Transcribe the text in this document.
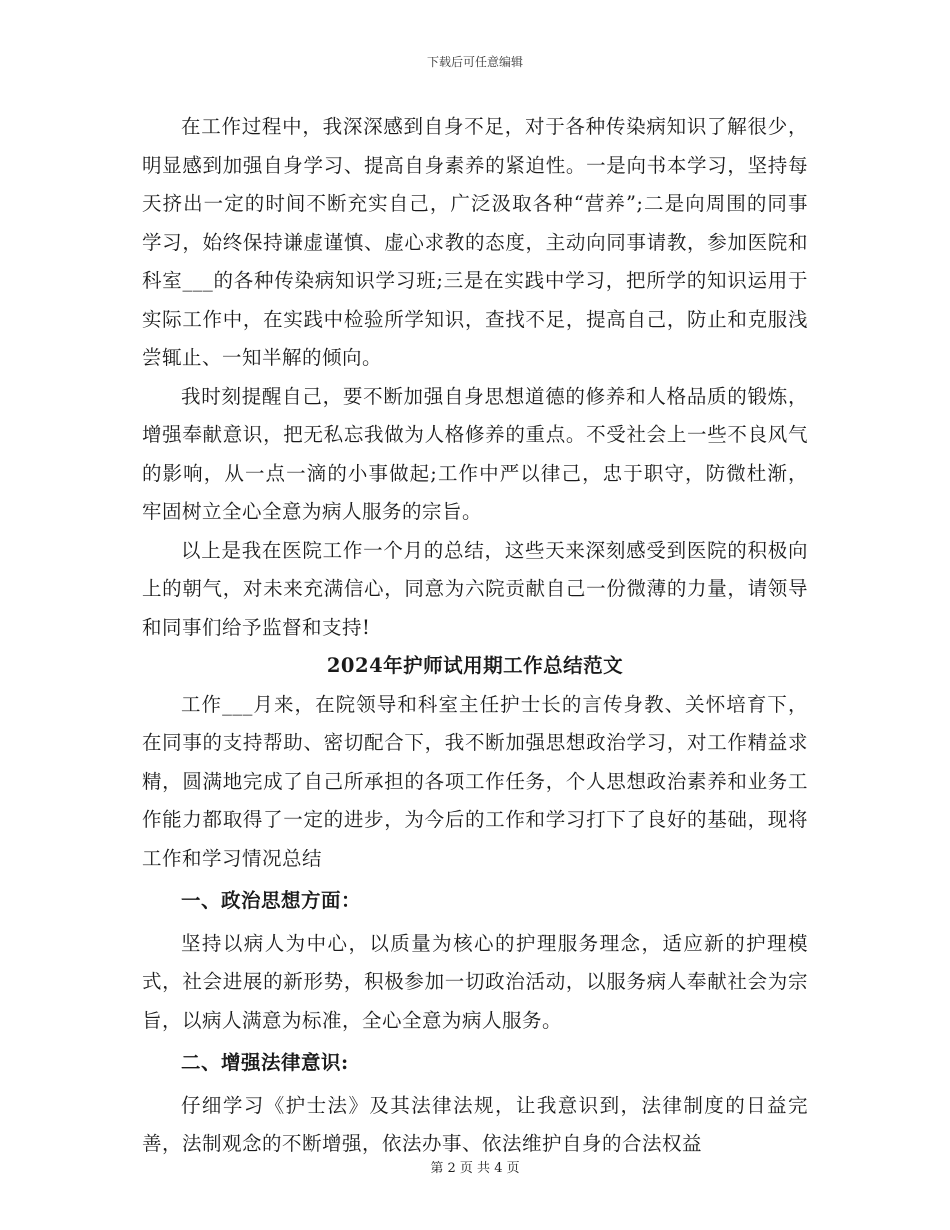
下载后可任意编辑

在工作过程中，我深深感到自身不足，对于各种传染病知识了解很少，明显感到加强自身学习、提高自身素养的紧迫性。一是向书本学习，坚持每天挤出一定的时间不断充实自己，广泛汲取各种“营养”;二是向周围的同事学习，始终保持谦虚谨慎、虚心求教的态度，主动向同事请教，参加医院和科室___的各种传染病知识学习班;三是在实践中学习，把所学的知识运用于实际工作中，在实践中检验所学知识，查找不足，提高自己，防止和克服浅尝辄止、一知半解的倾向。

我时刻提醒自己，要不断加强自身思想道德的修养和人格品质的锻炼，增强奉献意识，把无私忘我做为人格修养的重点。不受社会上一些不良风气的影响，从一点一滴的小事做起;工作中严以律己，忠于职守，防微杜渐，牢固树立全心全意为病人服务的宗旨。

以上是我在医院工作一个月的总结，这些天来深刻感受到医院的积极向上的朝气，对未来充满信心，同意为六院贡献自己一份微薄的力量，请领导和同事们给予监督和支持!

2024年护师试用期工作总结范文

工作___月来，在院领导和科室主任护士长的言传身教、关怀培育下，在同事的支持帮助、密切配合下，我不断加强思想政治学习，对工作精益求精，圆满地完成了自己所承担的各项工作任务，个人思想政治素养和业务工作能力都取得了一定的进步，为今后的工作和学习打下了良好的基础，现将工作和学习情况总结

一、政治思想方面：

坚持以病人为中心，以质量为核心的护理服务理念，适应新的护理模式，社会进展的新形势，积极参加一切政治活动，以服务病人奉献社会为宗旨，以病人满意为标准，全心全意为病人服务。

二、增强法律意识:

仔细学习《护士法》及其法律法规，让我意识到，法律制度的日益完善，法制观念的不断增强，依法办事、依法维护自身的合法权益

第 2 页 共 4 页
